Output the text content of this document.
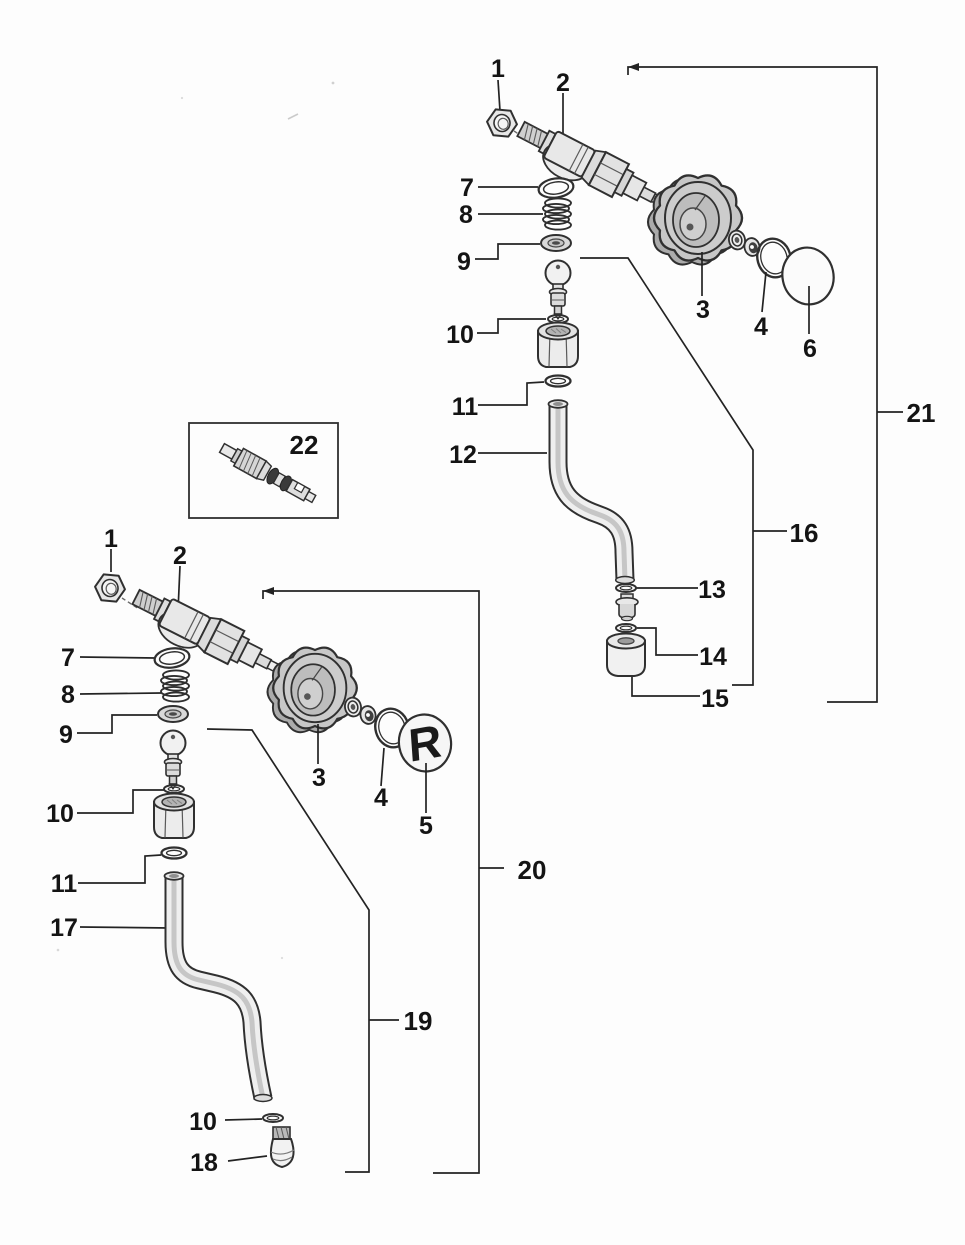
R
1 2
7
8
9
10
11
12
13
14
15
3
4
6
16
21
1
2
7
8
9
10
11
17
10
18
3
4
5
19
20
22
